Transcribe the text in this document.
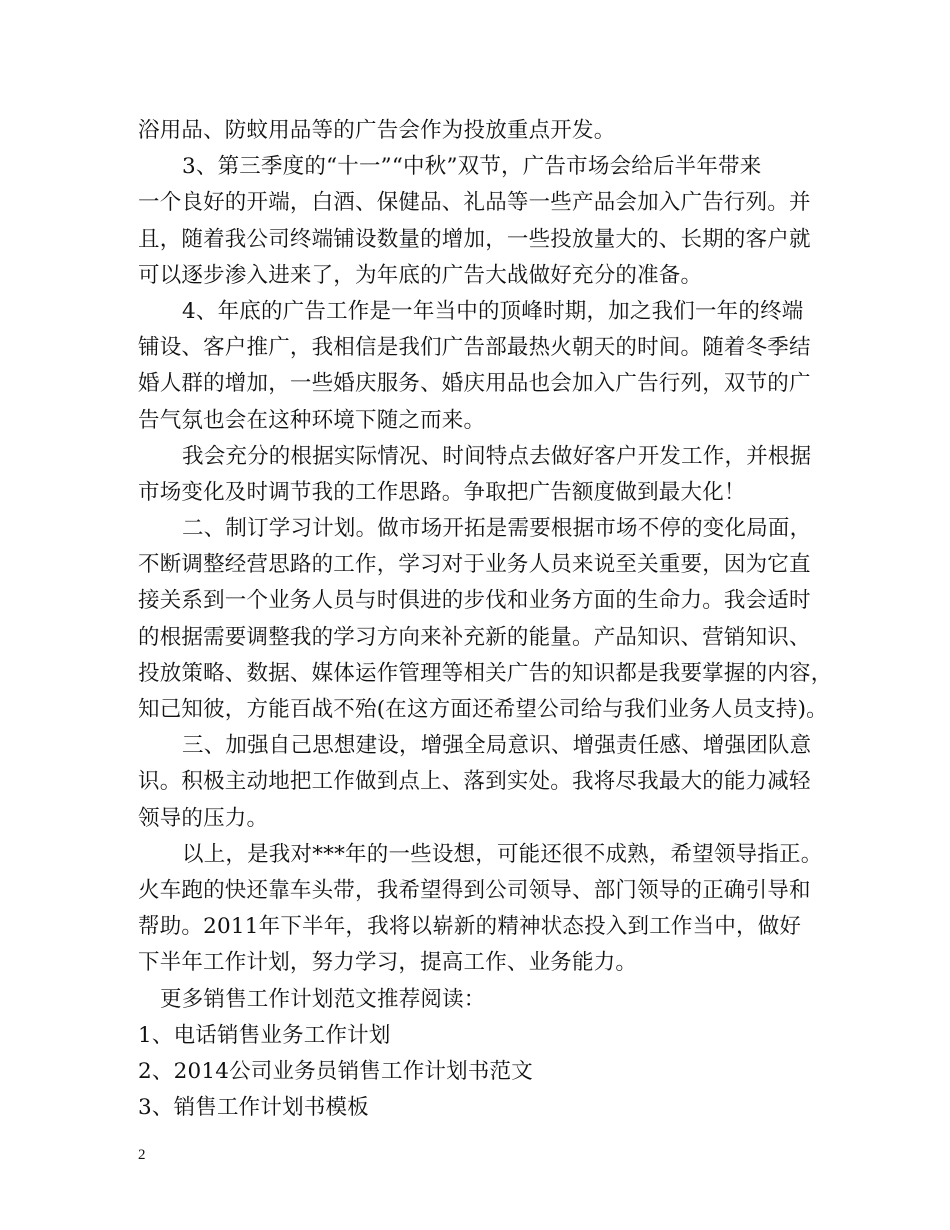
浴用品、防蚊用品等的广告会作为投放重点开发。
3、第三季度的“十一”“中秋”双节，广告市场会给后半年带来
一个良好的开端，白酒、保健品、礼品等一些产品会加入广告行列。并
且，随着我公司终端铺设数量的增加，一些投放量大的、长期的客户就
可以逐步渗入进来了，为年底的广告大战做好充分的准备。
4、年底的广告工作是一年当中的顶峰时期，加之我们一年的终端
铺设、客户推广，我相信是我们广告部最热火朝天的时间。随着冬季结
婚人群的增加，一些婚庆服务、婚庆用品也会加入广告行列，双节的广
告气氛也会在这种环境下随之而来。
我会充分的根据实际情况、时间特点去做好客户开发工作，并根据
市场变化及时调节我的工作思路。争取把广告额度做到最大化！
二、制订学习计划。做市场开拓是需要根据市场不停的变化局面，
不断调整经营思路的工作，学习对于业务人员来说至关重要，因为它直
接关系到一个业务人员与时俱进的步伐和业务方面的生命力。我会适时
的根据需要调整我的学习方向来补充新的能量。产品知识、营销知识、
投放策略、数据、媒体运作管理等相关广告的知识都是我要掌握的内容，
知己知彼，方能百战不殆(在这方面还希望公司给与我们业务人员支持)。
三、加强自己思想建设，增强全局意识、增强责任感、增强团队意
识。积极主动地把工作做到点上、落到实处。我将尽我最大的能力减轻
领导的压力。
以上，是我对***年的一些设想，可能还很不成熟，希望领导指正。
火车跑的快还靠车头带，我希望得到公司领导、部门领导的正确引导和
帮助。2011年下半年，我将以崭新的精神状态投入到工作当中，做好
下半年工作计划，努力学习，提高工作、业务能力。
更多销售工作计划范文推荐阅读：
1、电话销售业务工作计划
2、2014公司业务员销售工作计划书范文
3、销售工作计划书模板
2
